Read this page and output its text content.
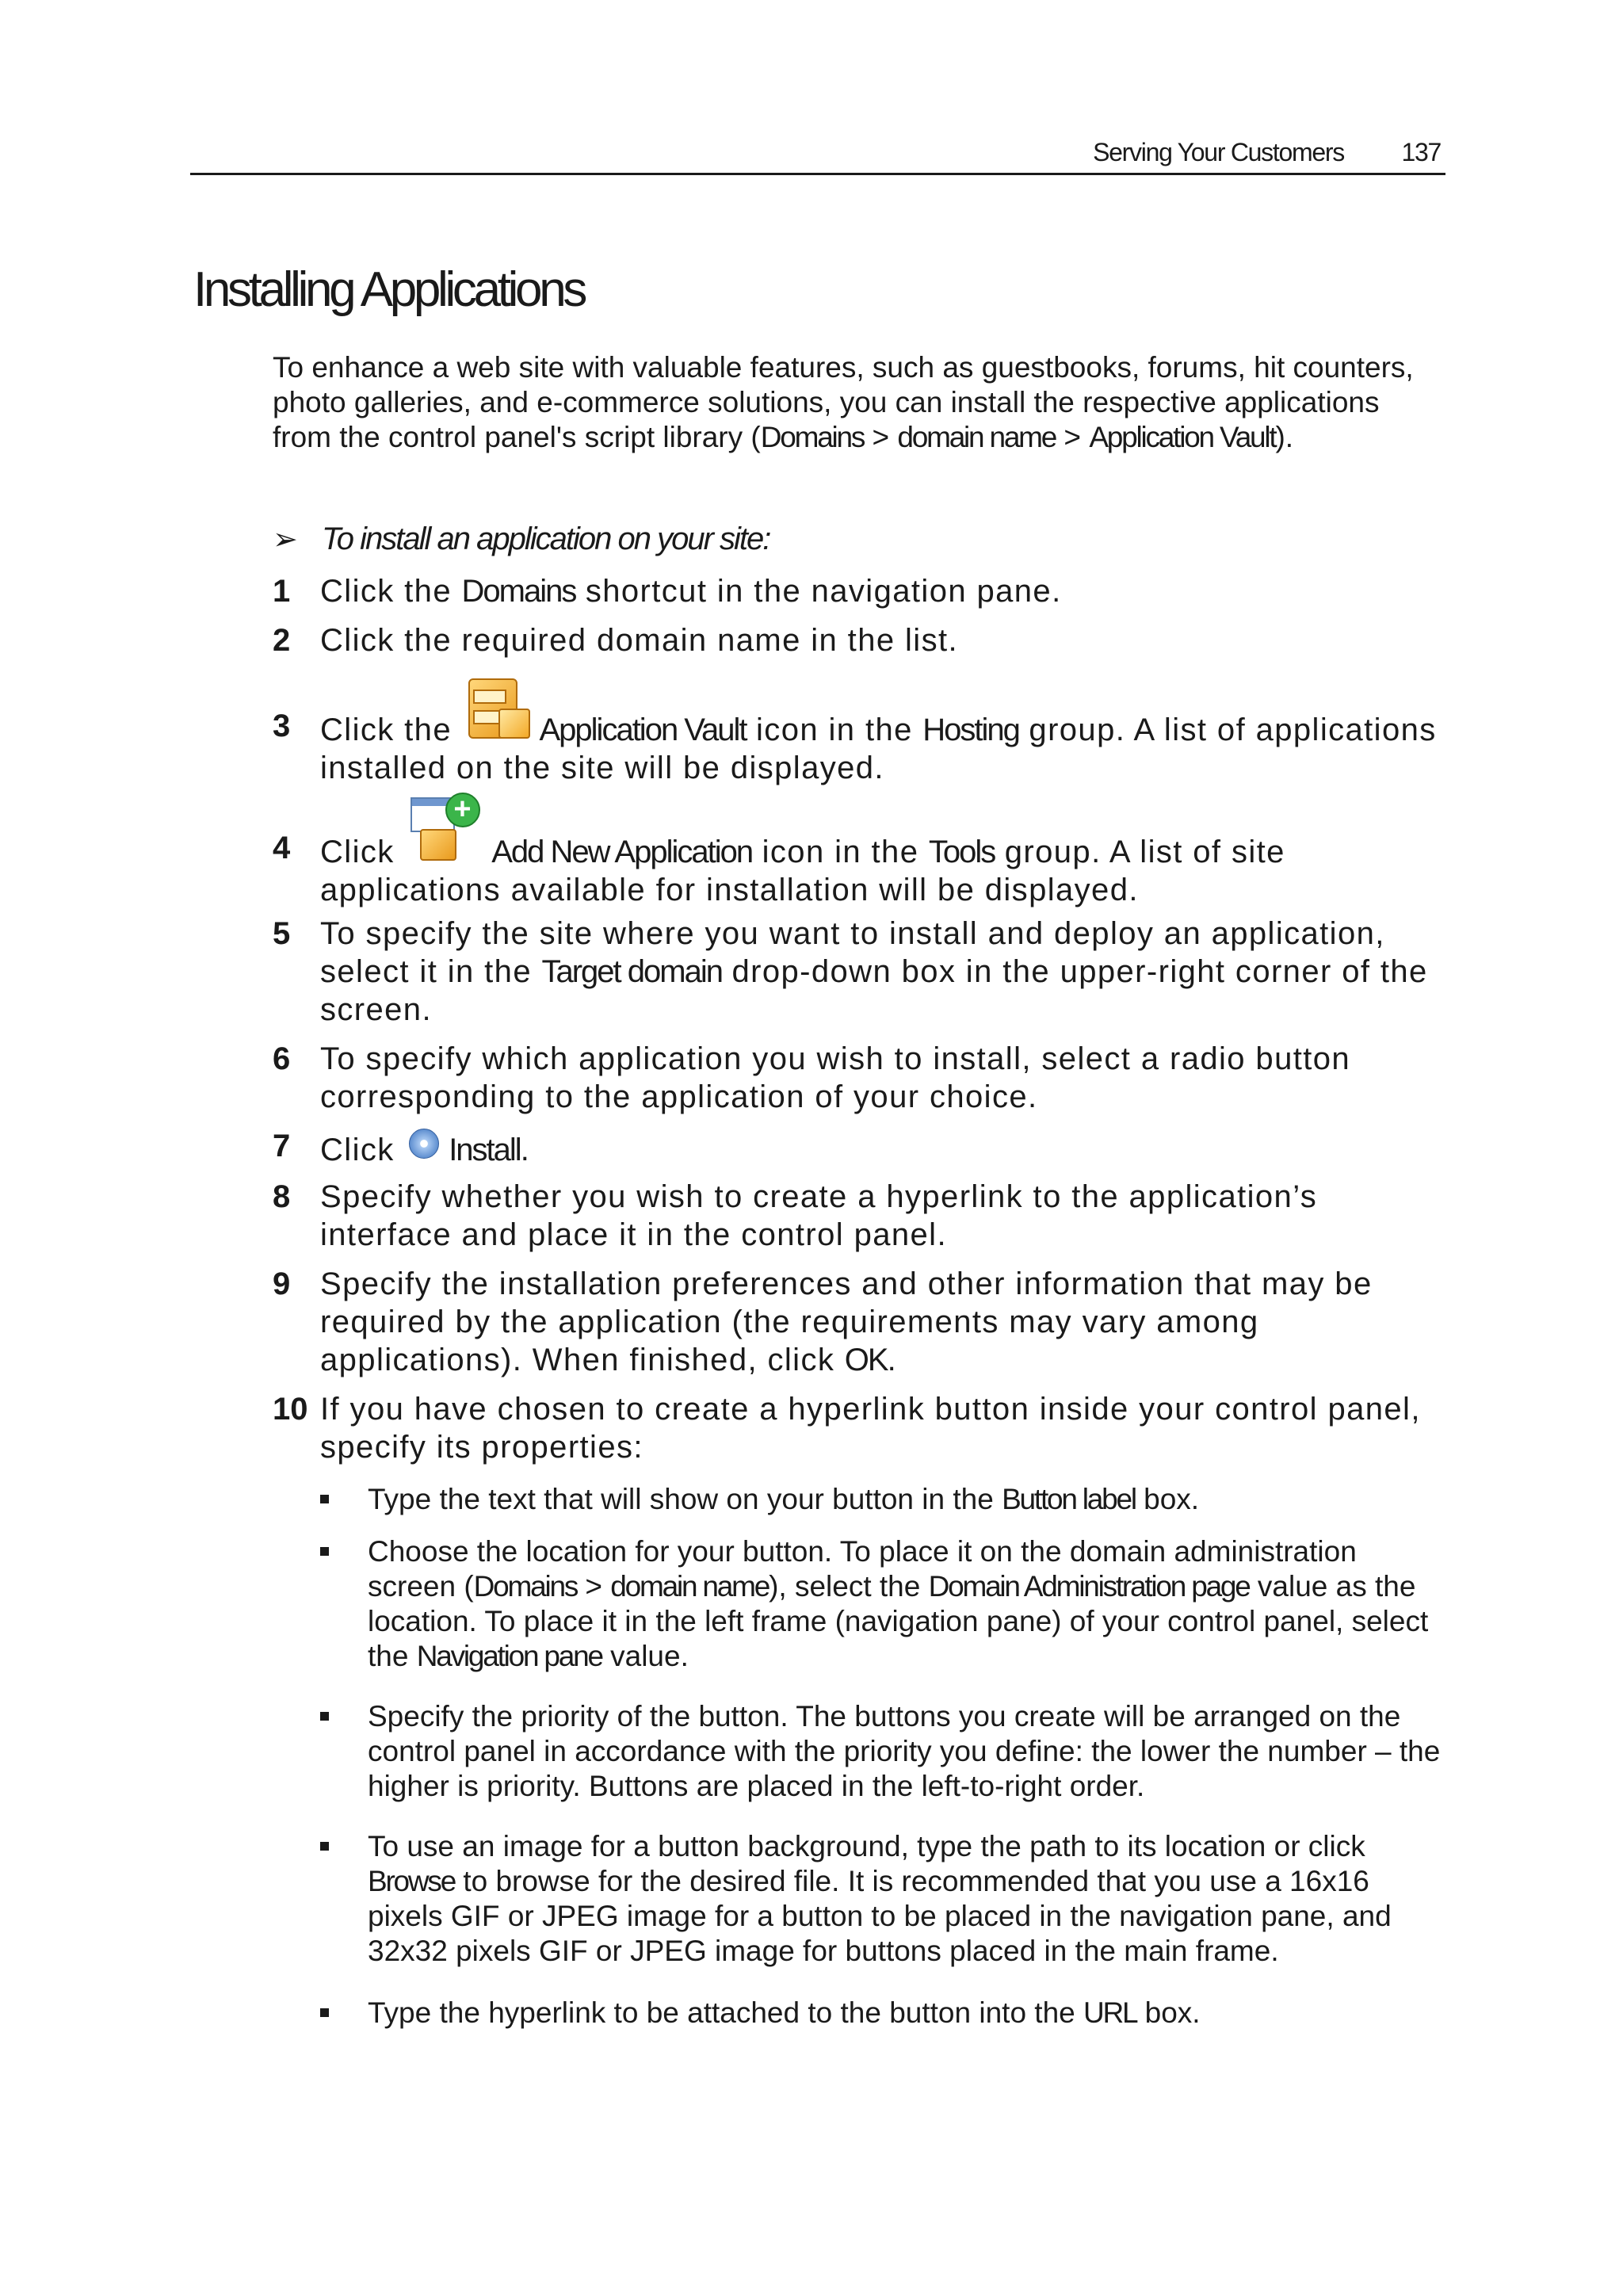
Serving Your Customers 137
Installing Applications

To enhance a web site with valuable features, such as guestbooks, forums, hit counters, photo galleries, and e-commerce solutions, you can install the respective applications from the control panel's script library (Domains > domain name > Application Vault).

➢ To install an application on your site:
1 Click the Domains shortcut in the navigation pane.
2 Click the required domain name in the list.
3 Click the
Application Vault icon in the Hosting group. A list of applications installed on the site will be displayed.
4 Click
+
Add New Application icon in the Tools group. A list of site applications available for installation will be displayed.
5 To specify the site where you want to install and deploy an application, select it in the Target domain drop-down box in the upper-right corner of the screen.
6 To specify which application you wish to install, select a radio button corresponding to the application of your choice.
7 Click
Install.
8 Specify whether you wish to create a hyperlink to the application’s interface and place it in the control panel.
9 Specify the installation preferences and other information that may be required by the application (the requirements may vary among applications). When finished, click OK.
10 If you have chosen to create a hyperlink button inside your control panel, specify its properties:
Type the text that will show on your button in the Button label box.
Choose the location for your button. To place it on the domain administration screen (Domains > domain name), select the Domain Administration page value as the location. To place it in the left frame (navigation pane) of your control panel, select the Navigation pane value.
Specify the priority of the button. The buttons you create will be arranged on the control panel in accordance with the priority you define: the lower the number – the higher is priority. Buttons are placed in the left-to-right order.
To use an image for a button background, type the path to its location or click Browse to browse for the desired file. It is recommended that you use a 16x16 pixels GIF or JPEG image for a button to be placed in the navigation pane, and 32x32 pixels GIF or JPEG image for buttons placed in the main frame.
Type the hyperlink to be attached to the button into the URL box.
